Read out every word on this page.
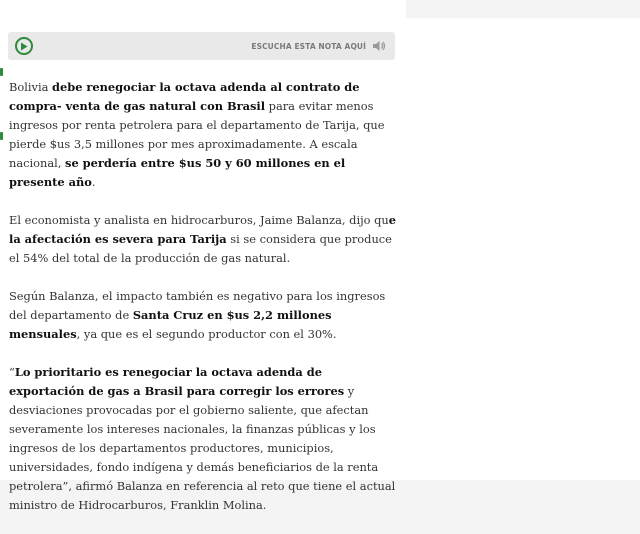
ESCUCHA ESTA NOTA AQUÍ

Bolivia debe renegociar la octava adenda al contrato de compra- venta de gas natural con Brasil para evitar menos ingresos por renta petrolera para el departamento de Tarija, que pierde $us 3,5 millones por mes aproximadamente. A escala nacional, se perdería entre $us 50 y 60 millones en el presente año.

El economista y analista en hidrocarburos, Jaime Balanza, dijo que la afectación es severa para Tarija si se considera que produce el 54% del total de la producción de gas natural.

Según Balanza, el impacto también es negativo para los ingresos del departamento de Santa Cruz en $us 2,2 millones mensuales, ya que es el segundo productor con el 30%.

“Lo prioritario es renegociar la octava adenda de exportación de gas a Brasil para corregir los errores y desviaciones provocadas por el gobierno saliente, que afectan severamente los intereses nacionales, la finanzas públicas y los ingresos de los departamentos productores, municipios, universidades, fondo indígena y demás beneficiarios de la renta petrolera”, afirmó Balanza en referencia al reto que tiene el actual ministro de Hidrocarburos, Franklin Molina.
